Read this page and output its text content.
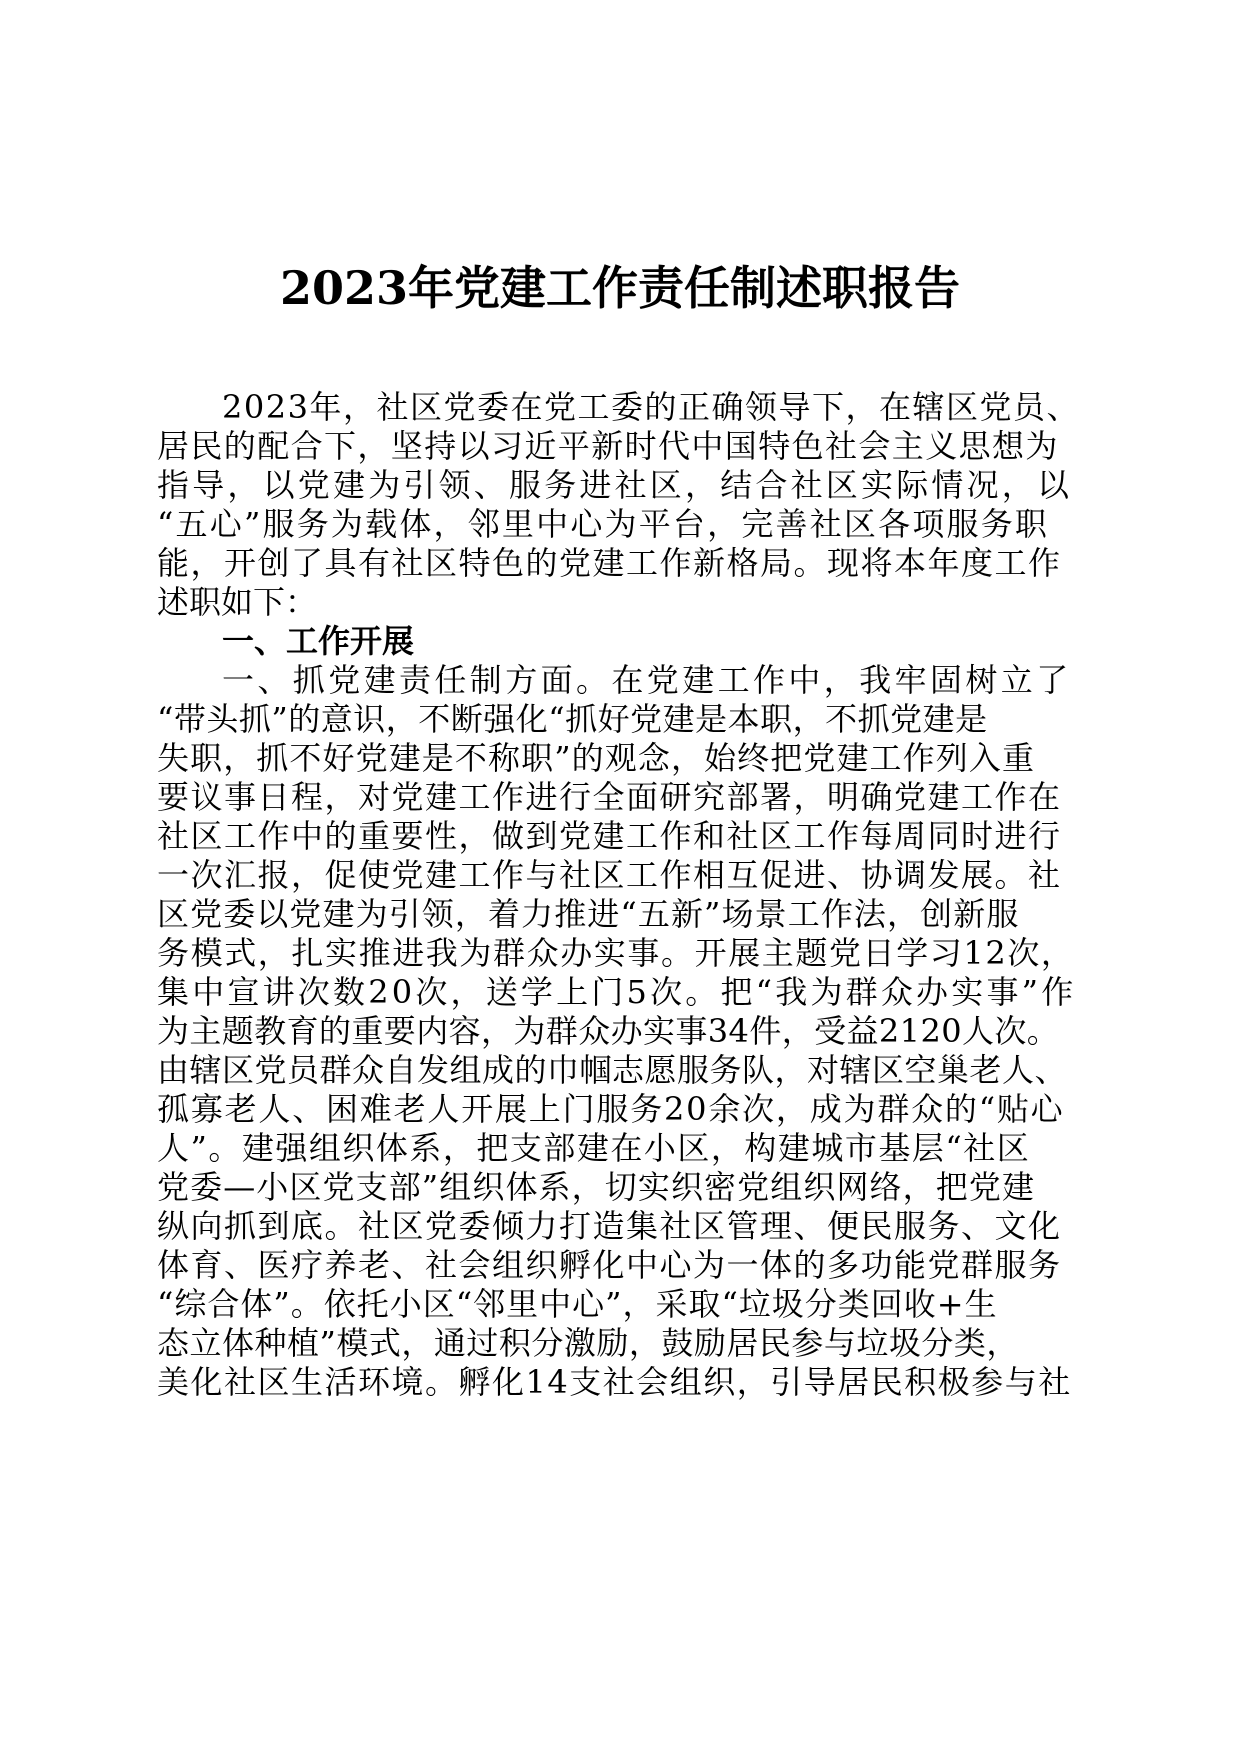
2023年党建工作责任制述职报告
2023年，社区党委在党工委的正确领导下，在辖区党员、
居民的配合下，坚持以习近平新时代中国特色社会主义思想为
指导，以党建为引领、服务进社区，结合社区实际情况，以
“五心”服务为载体，邻里中心为平台，完善社区各项服务职
能，开创了具有社区特色的党建工作新格局。现将本年度工作
述职如下：
一、工作开展
一、抓党建责任制方面。在党建工作中，我牢固树立了
“带头抓”的意识，不断强化“抓好党建是本职，不抓党建是
失职，抓不好党建是不称职”的观念，始终把党建工作列入重
要议事日程，对党建工作进行全面研究部署，明确党建工作在
社区工作中的重要性，做到党建工作和社区工作每周同时进行
一次汇报，促使党建工作与社区工作相互促进、协调发展。社
区党委以党建为引领，着力推进“五新”场景工作法，创新服
务模式，扎实推进我为群众办实事。开展主题党日学习12次，
集中宣讲次数20次，送学上门5次。把“我为群众办实事”作
为主题教育的重要内容，为群众办实事34件，受益2120人次。
由辖区党员群众自发组成的巾帼志愿服务队，对辖区空巢老人、
孤寡老人、困难老人开展上门服务20余次，成为群众的“贴心
人”。建强组织体系，把支部建在小区，构建城市基层“社区
党委—小区党支部”组织体系，切实织密党组织网络，把党建
纵向抓到底。社区党委倾力打造集社区管理、便民服务、文化
体育、医疗养老、社会组织孵化中心为一体的多功能党群服务
“综合体”。依托小区“邻里中心”，采取“垃圾分类回收+生
态立体种植”模式，通过积分激励，鼓励居民参与垃圾分类，
美化社区生活环境。孵化14支社会组织，引导居民积极参与社
